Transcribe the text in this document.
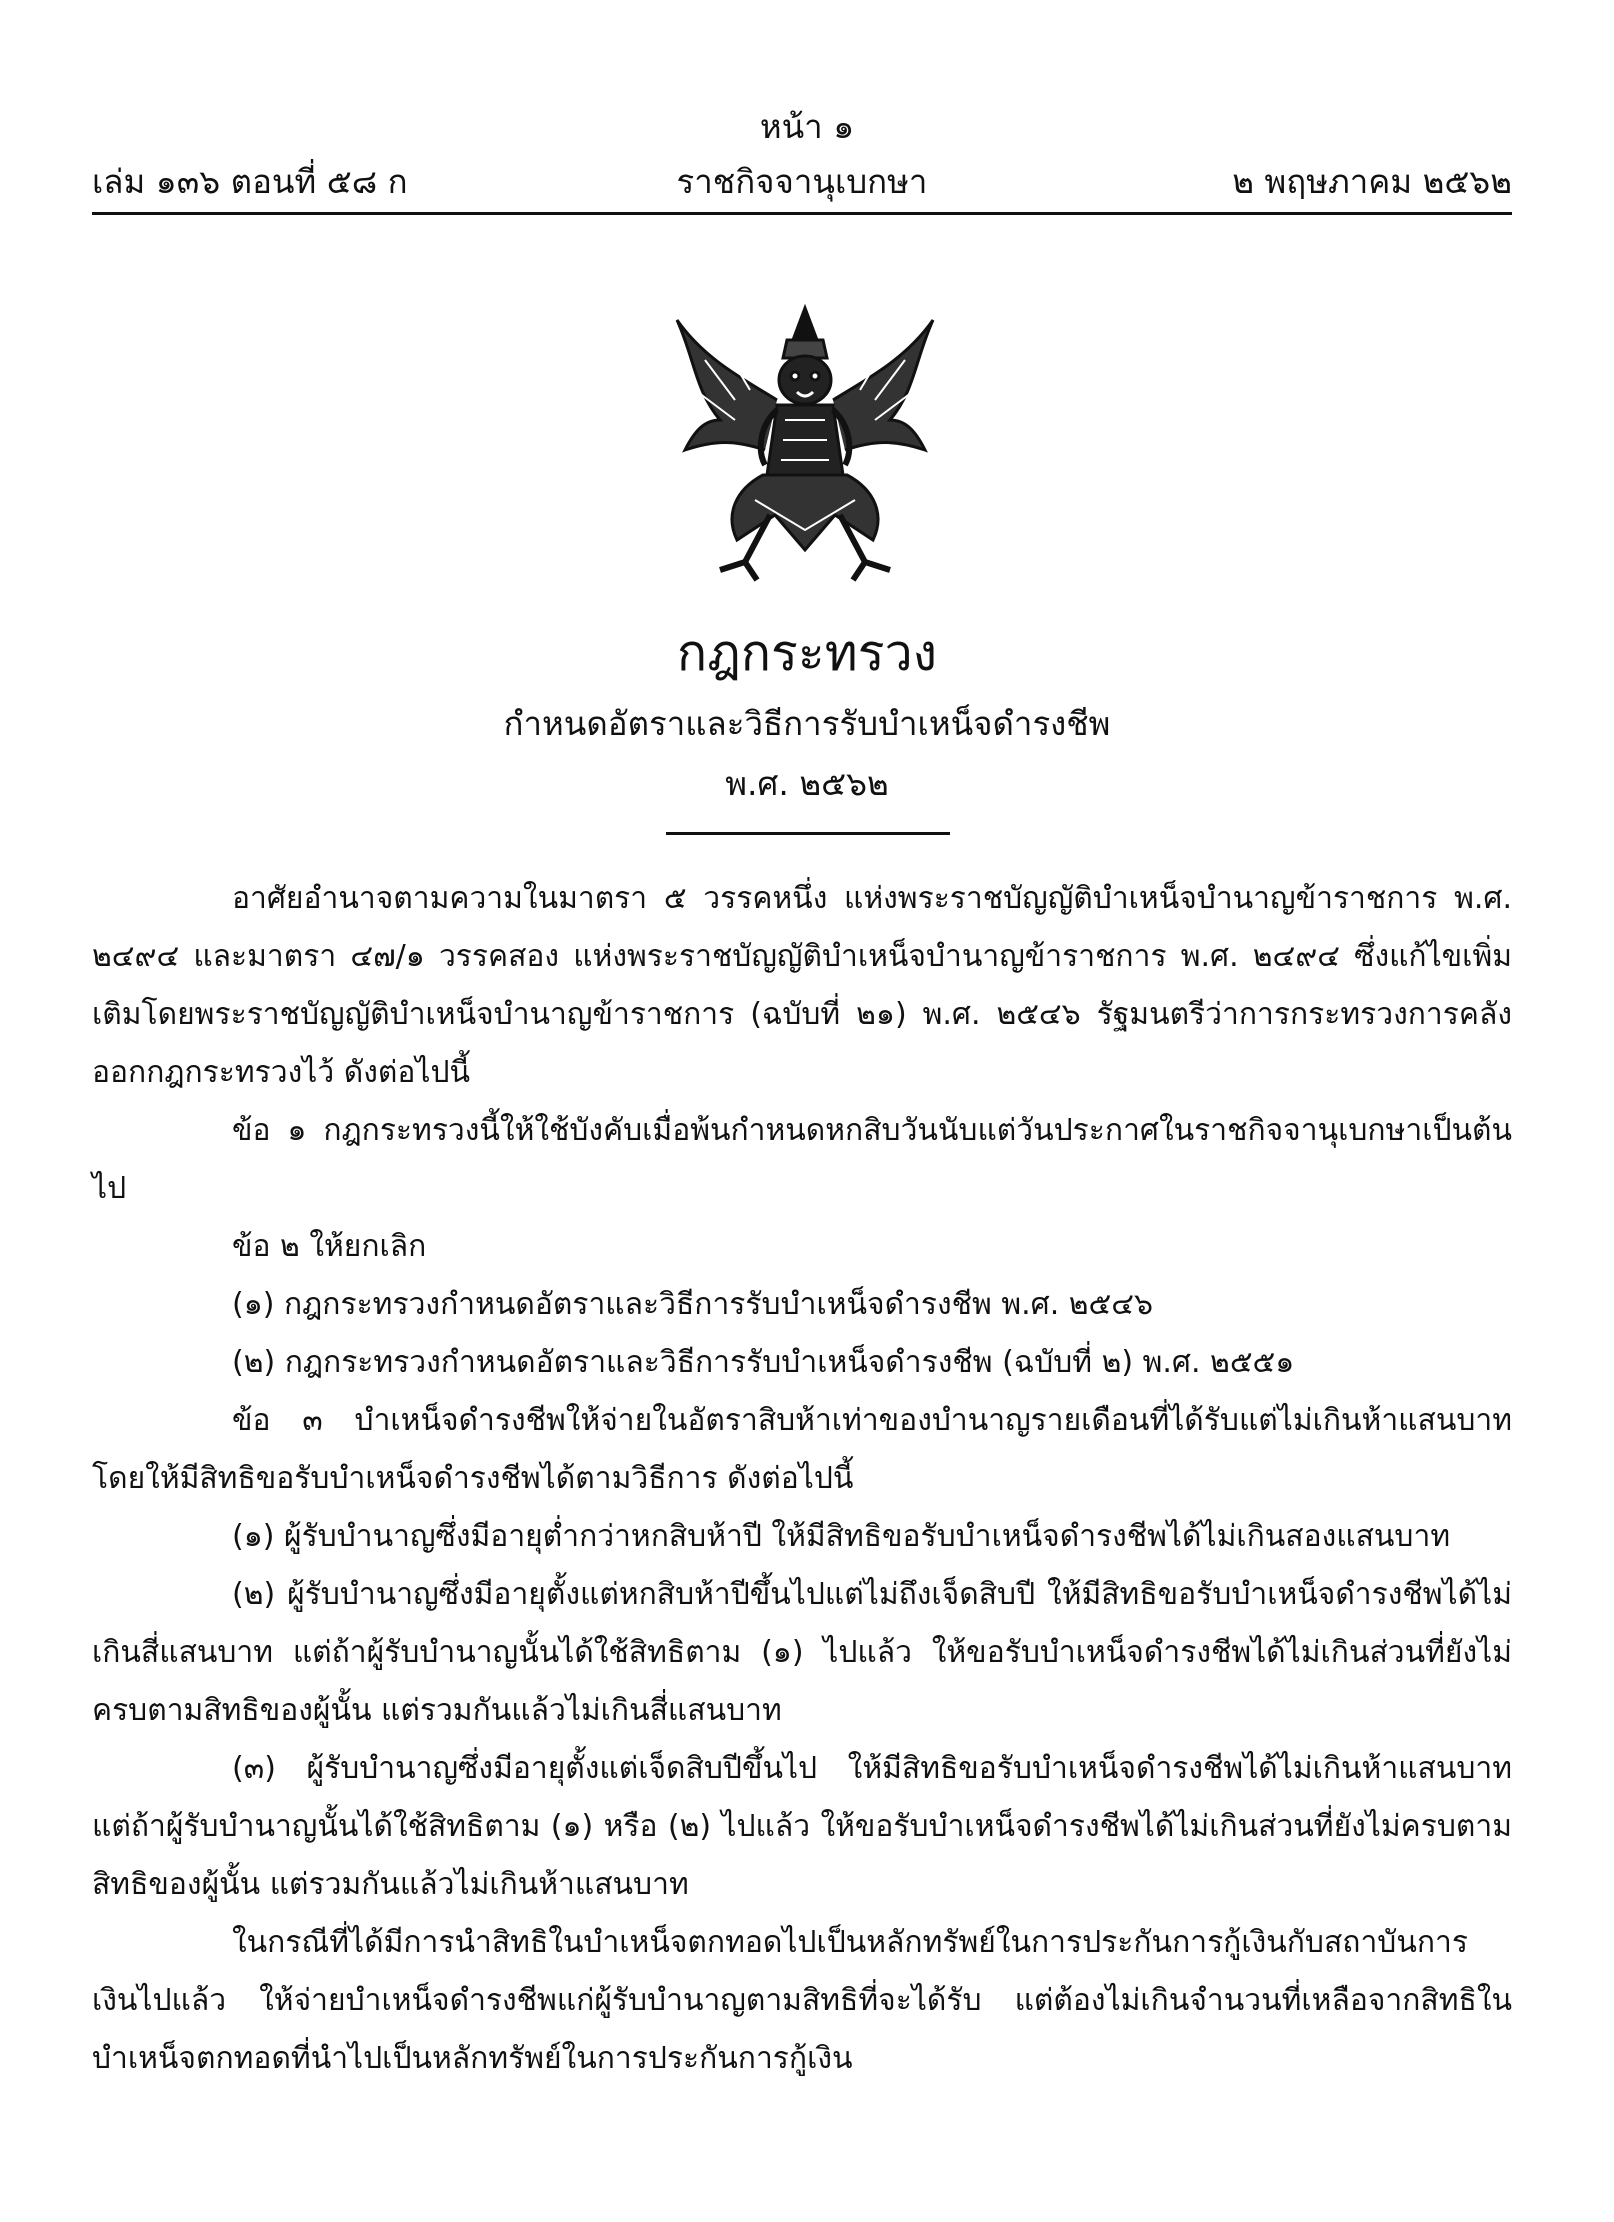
หน้า ๑
เล่ม ๑๓๖ ตอนที่ ๕๘ ก	ราชกิจจานุเบกษา	๒ พฤษภาคม ๒๕๖๒
กฎกระทรวง
กำหนดอัตราและวิธีการรับบำเหน็จดำรงชีพ
พ.ศ. ๒๕๖๒

อาศัยอำนาจตามความในมาตรา ๕ วรรคหนึ่ง แห่งพระราชบัญญัติบำเหน็จบำนาญข้าราชการ พ.ศ. ๒๔๙๔ และมาตรา ๔๗/๑ วรรคสอง แห่งพระราชบัญญัติบำเหน็จบำนาญข้าราชการ พ.ศ. ๒๔๙๔ ซึ่งแก้ไขเพิ่มเติมโดยพระราชบัญญัติบำเหน็จบำนาญข้าราชการ (ฉบับที่ ๒๑) พ.ศ. ๒๕๔๖ รัฐมนตรีว่าการกระทรวงการคลังออกกฎกระทรวงไว้ ดังต่อไปนี้

ข้อ ๑ กฎกระทรวงนี้ให้ใช้บังคับเมื่อพ้นกำหนดหกสิบวันนับแต่วันประกาศในราชกิจจานุเบกษาเป็นต้นไป

ข้อ ๒ ให้ยกเลิก

(๑) กฎกระทรวงกำหนดอัตราและวิธีการรับบำเหน็จดำรงชีพ พ.ศ. ๒๕๔๖

(๒) กฎกระทรวงกำหนดอัตราและวิธีการรับบำเหน็จดำรงชีพ (ฉบับที่ ๒) พ.ศ. ๒๕๕๑

ข้อ ๓ บำเหน็จดำรงชีพให้จ่ายในอัตราสิบห้าเท่าของบำนาญรายเดือนที่ได้รับแต่ไม่เกินห้าแสนบาท โดยให้มีสิทธิขอรับบำเหน็จดำรงชีพได้ตามวิธีการ ดังต่อไปนี้

(๑) ผู้รับบำนาญซึ่งมีอายุต่ำกว่าหกสิบห้าปี ให้มีสิทธิขอรับบำเหน็จดำรงชีพได้ไม่เกินสองแสนบาท

(๒) ผู้รับบำนาญซึ่งมีอายุตั้งแต่หกสิบห้าปีขึ้นไปแต่ไม่ถึงเจ็ดสิบปี ให้มีสิทธิขอรับบำเหน็จดำรงชีพได้ไม่เกินสี่แสนบาท แต่ถ้าผู้รับบำนาญนั้นได้ใช้สิทธิตาม (๑) ไปแล้ว ให้ขอรับบำเหน็จดำรงชีพได้ไม่เกินส่วนที่ยังไม่ครบตามสิทธิของผู้นั้น แต่รวมกันแล้วไม่เกินสี่แสนบาท

(๓) ผู้รับบำนาญซึ่งมีอายุตั้งแต่เจ็ดสิบปีขึ้นไป ให้มีสิทธิขอรับบำเหน็จดำรงชีพได้ไม่เกินห้าแสนบาท แต่ถ้าผู้รับบำนาญนั้นได้ใช้สิทธิตาม (๑) หรือ (๒) ไปแล้ว ให้ขอรับบำเหน็จดำรงชีพได้ไม่เกินส่วนที่ยังไม่ครบตามสิทธิของผู้นั้น แต่รวมกันแล้วไม่เกินห้าแสนบาท

ในกรณีที่ได้มีการนำสิทธิในบำเหน็จตกทอดไปเป็นหลักทรัพย์ในการประกันการกู้เงินกับสถาบันการเงินไปแล้ว ให้จ่ายบำเหน็จดำรงชีพแก่ผู้รับบำนาญตามสิทธิที่จะได้รับ แต่ต้องไม่เกินจำนวนที่เหลือจากสิทธิในบำเหน็จตกทอดที่นำไปเป็นหลักทรัพย์ในการประกันการกู้เงิน
